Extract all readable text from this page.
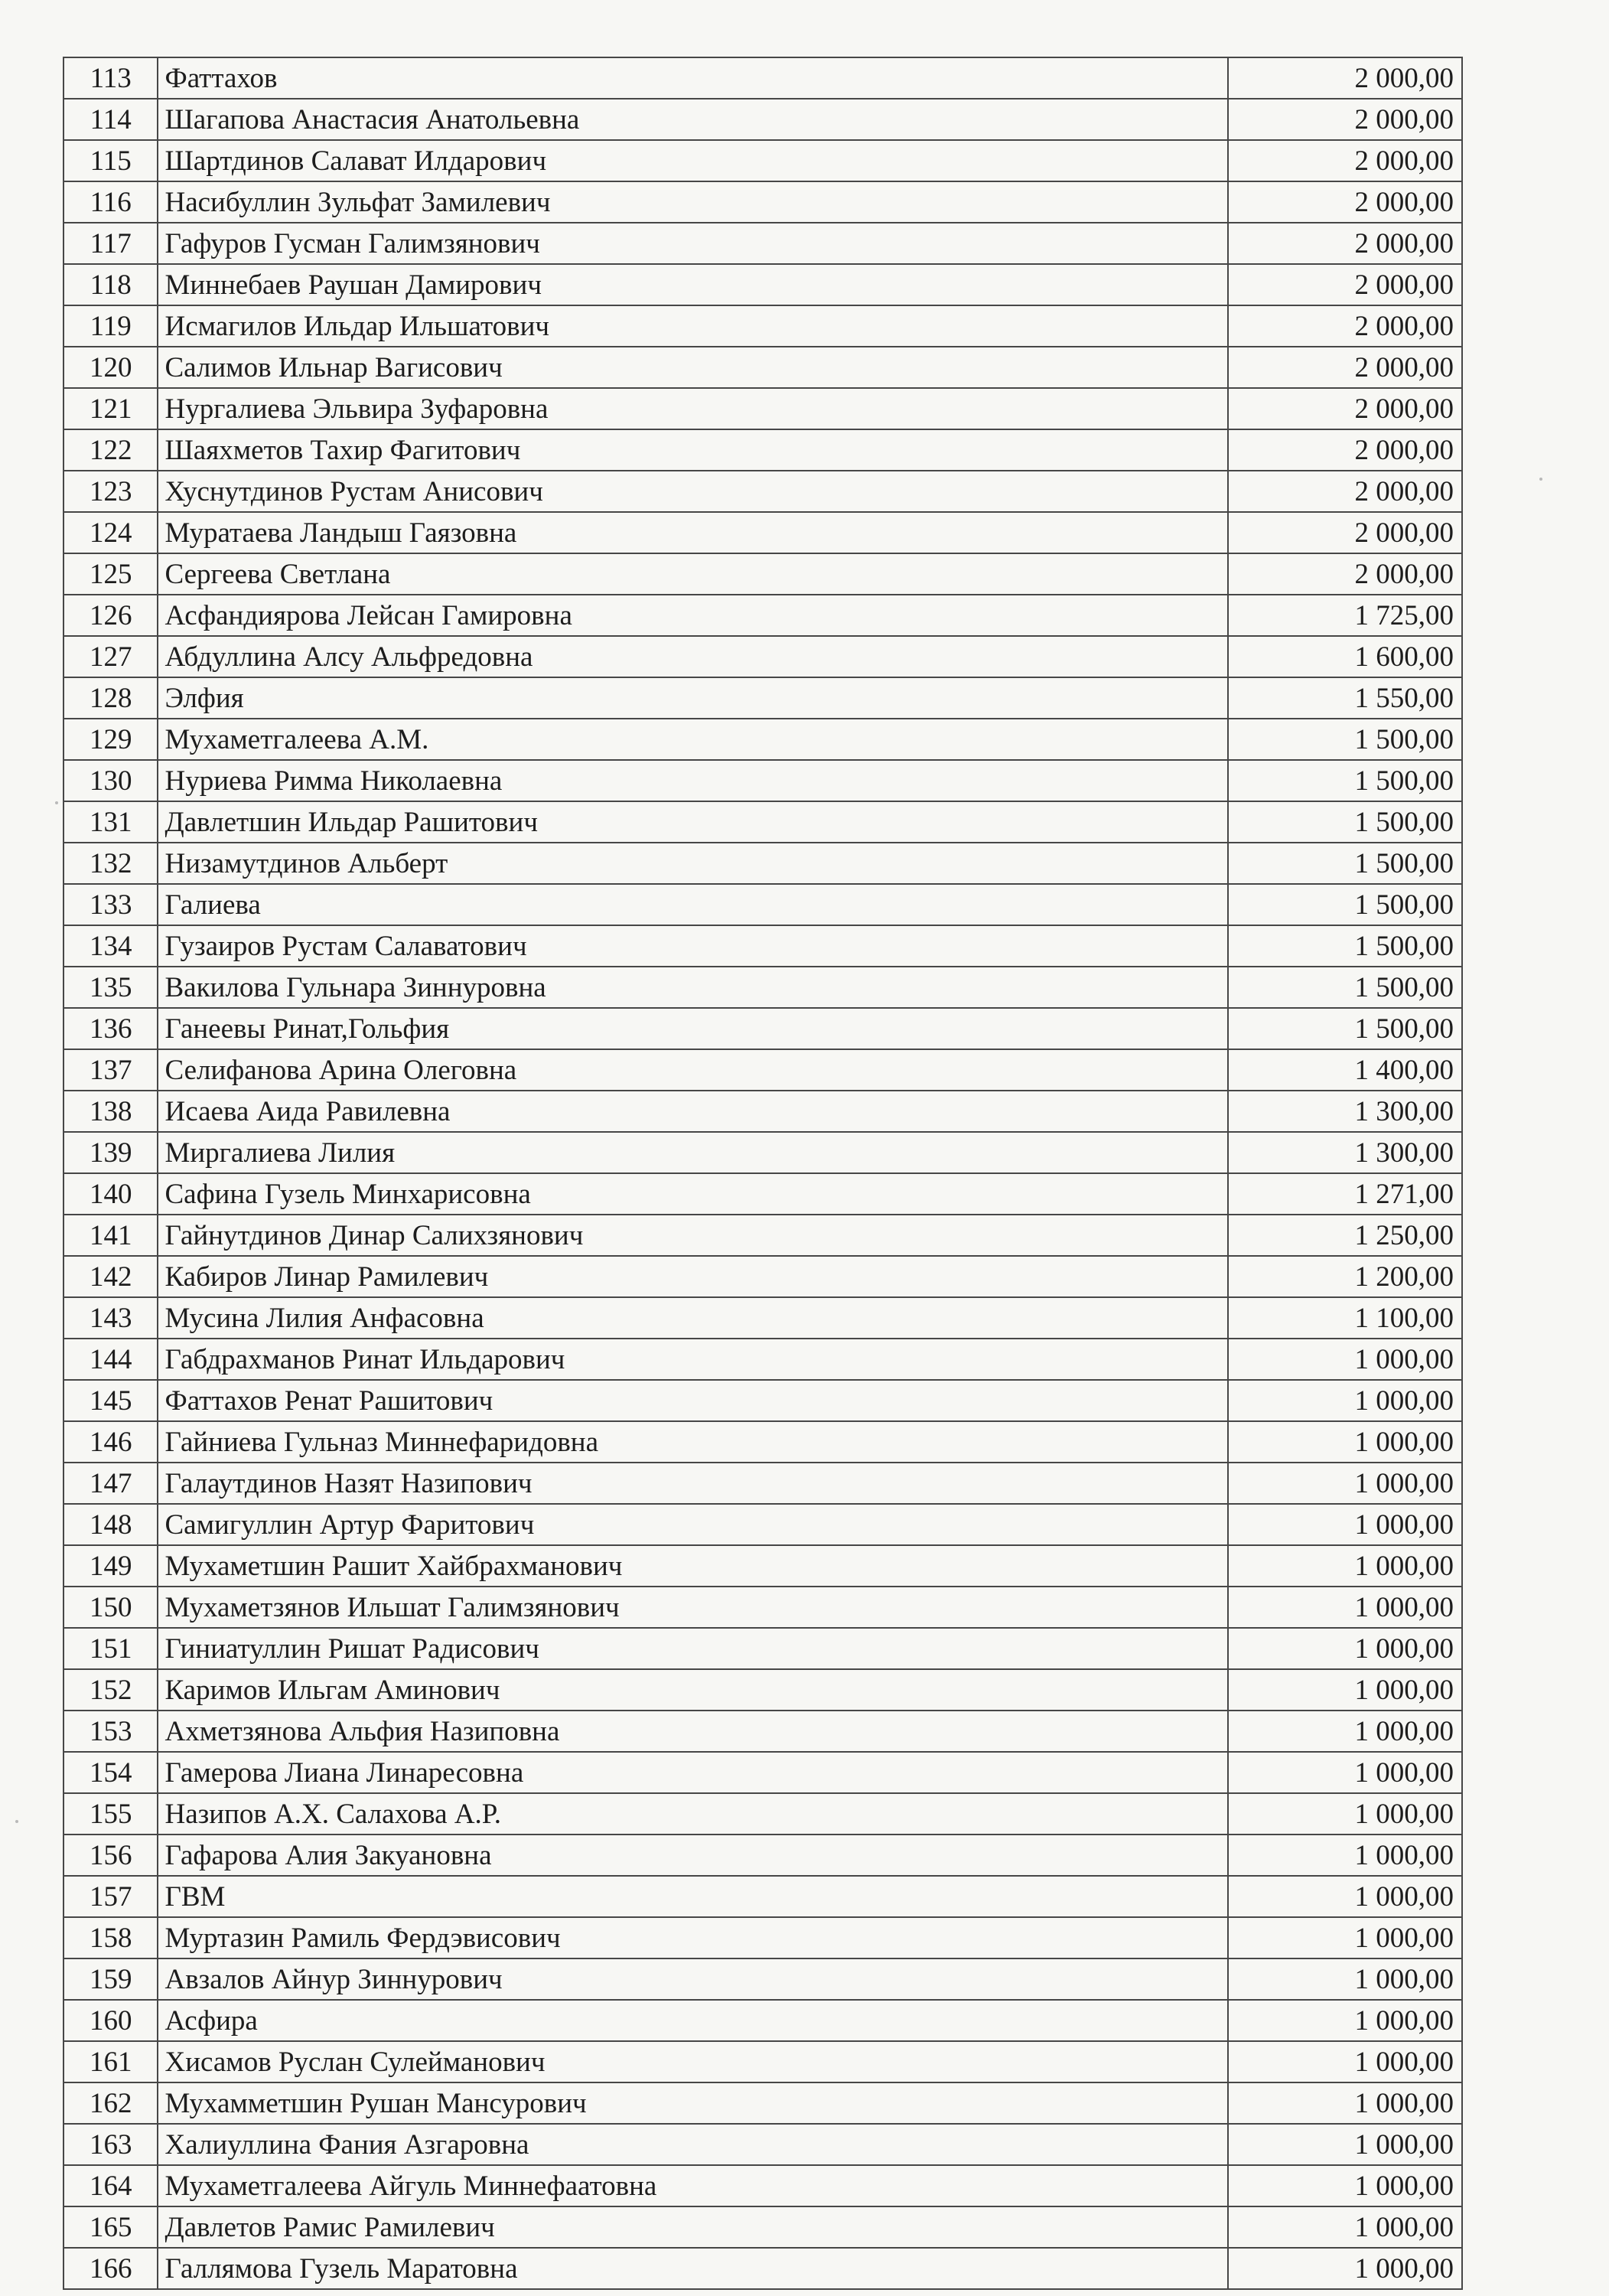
113	Фаттахов	2 000,00
114	Шагапова Анастасия Анатольевна	2 000,00
115	Шартдинов Салават Илдарович	2 000,00
116	Насибуллин Зульфат Замилевич	2 000,00
117	Гафуров Гусман Галимзянович	2 000,00
118	Миннебаев Раушан Дамирович	2 000,00
119	Исмагилов Ильдар Ильшатович	2 000,00
120	Салимов Ильнар Вагисович	2 000,00
121	Нургалиева Эльвира Зуфаровна	2 000,00
122	Шаяхметов Тахир Фагитович	2 000,00
123	Хуснутдинов Рустам Анисович	2 000,00
124	Муратаева Ландыш Гаязовна	2 000,00
125	Сергеева Светлана	2 000,00
126	Асфандиярова Лейсан Гамировна	1 725,00
127	Абдуллина Алсу Альфредовна	1 600,00
128	Элфия	1 550,00
129	Мухаметгалеева А.М.	1 500,00
130	Нуриева Римма Николаевна	1 500,00
131	Давлетшин Ильдар Рашитович	1 500,00
132	Низамутдинов Альберт	1 500,00
133	Галиева	1 500,00
134	Гузаиров Рустам Салаватович	1 500,00
135	Вакилова Гульнара Зиннуровна	1 500,00
136	Ганеевы Ринат,Гольфия	1 500,00
137	Селифанова Арина Олеговна	1 400,00
138	Исаева Аида Равилевна	1 300,00
139	Миргалиева Лилия	1 300,00
140	Сафина Гузель Минхарисовна	1 271,00
141	Гайнутдинов Динар Салихзянович	1 250,00
142	Кабиров Линар Рамилевич	1 200,00
143	Мусина Лилия Анфасовна	1 100,00
144	Габдрахманов Ринат Ильдарович	1 000,00
145	Фаттахов Ренат Рашитович	1 000,00
146	Гайниева Гульназ Миннефаридовна	1 000,00
147	Галаутдинов Назят Назипович	1 000,00
148	Самигуллин Артур Фаритович	1 000,00
149	Мухаметшин Рашит Хайбрахманович	1 000,00
150	Мухаметзянов Ильшат Галимзянович	1 000,00
151	Гиниатуллин Ришат Радисович	1 000,00
152	Каримов Ильгам Аминович	1 000,00
153	Ахметзянова Альфия Назиповна	1 000,00
154	Гамерова Лиана Линаресовна	1 000,00
155	Назипов А.Х. Салахова А.Р.	1 000,00
156	Гафарова Алия Закуановна	1 000,00
157	ГВМ	1 000,00
158	Муртазин Рамиль Фердэвисович	1 000,00
159	Авзалов Айнур Зиннурович	1 000,00
160	Асфира	1 000,00
161	Хисамов Руслан Сулейманович	1 000,00
162	Мухамметшин Рушан Мансурович	1 000,00
163	Халиуллина Фания Азгаровна	1 000,00
164	Мухаметгалеева Айгуль Миннефаатовна	1 000,00
165	Давлетов Рамис Рамилевич	1 000,00
166	Галлямова Гузель Маратовна	1 000,00
